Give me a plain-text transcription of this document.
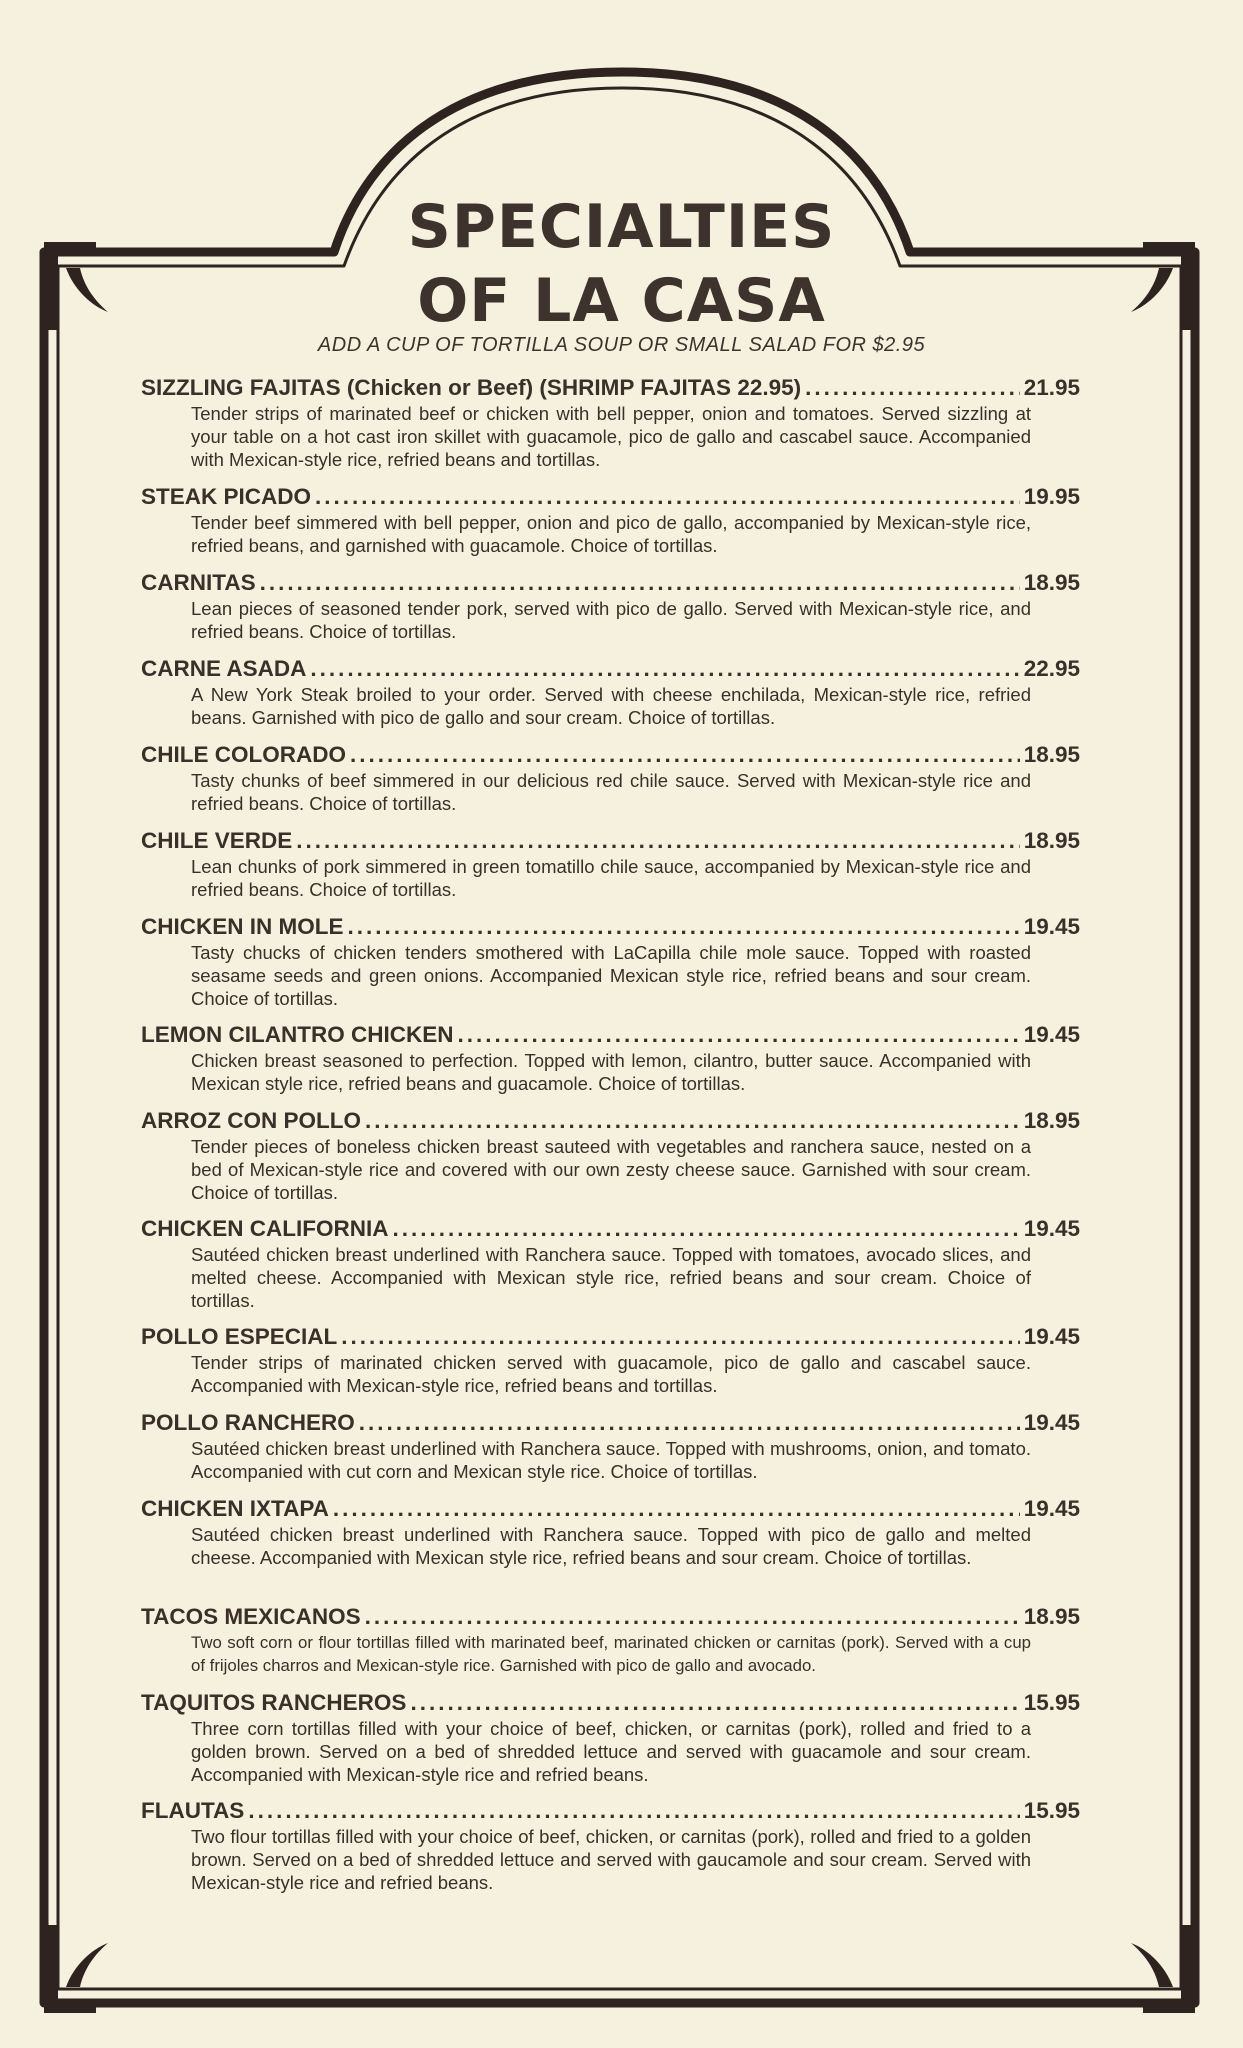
SPECIALTIES
OF LA CASA
ADD A CUP OF TORTILLA SOUP OR SMALL SALAD FOR $2.95
SIZZLING FAJITAS (Chicken or Beef) (SHRIMP FAJITAS 22.95) .....	21.95

Tender strips of marinated beef or chicken with bell pepper, onion and tomatoes. Served sizzling at your table on a hot cast iron skillet with guacamole, pico de gallo and cascabel sauce. Accompanied with Mexican-style rice, refried beans and tortillas.

STEAK PICADO .....	19.95

Tender beef simmered with bell pepper, onion and pico de gallo, accompanied by Mexican-style rice, refried beans, and garnished with guacamole. Choice of tortillas.

CARNITAS .....	18.95

Lean pieces of seasoned tender pork, served with pico de gallo. Served with Mexican-style rice, and refried beans. Choice of tortillas.

CARNE ASADA .....	22.95

A New York Steak broiled to your order. Served with cheese enchilada, Mexican-style rice, refried beans. Garnished with pico de gallo and sour cream. Choice of tortillas.

CHILE COLORADO .....	18.95

Tasty chunks of beef simmered in our delicious red chile sauce. Served with Mexican-style rice and refried beans. Choice of tortillas.

CHILE VERDE .....	18.95

Lean chunks of pork simmered in green tomatillo chile sauce, accompanied by Mexican-style rice and refried beans. Choice of tortillas.

CHICKEN IN MOLE .....	19.45

Tasty chucks of chicken tenders smothered with LaCapilla chile mole sauce. Topped with roasted seasame seeds and green onions. Accompanied Mexican style rice, refried beans and sour cream. Choice of tortillas.

LEMON CILANTRO CHICKEN .....	19.45

Chicken breast seasoned to perfection. Topped with lemon, cilantro, butter sauce. Accompanied with Mexican style rice, refried beans and guacamole. Choice of tortillas.

ARROZ CON POLLO .....	18.95

Tender pieces of boneless chicken breast sauteed with vegetables and ranchera sauce, nested on a bed of Mexican-style rice and covered with our own zesty cheese sauce. Garnished with sour cream. Choice of tortillas.

CHICKEN CALIFORNIA .....	19.45

Sautéed chicken breast underlined with Ranchera sauce. Topped with tomatoes, avocado slices, and melted cheese. Accompanied with Mexican style rice, refried beans and sour cream. Choice of tortillas.

POLLO ESPECIAL .....	19.45

Tender strips of marinated chicken served with guacamole, pico de gallo and cascabel sauce. Accompanied with Mexican-style rice, refried beans and tortillas.

POLLO RANCHERO .....	19.45

Sautéed chicken breast underlined with Ranchera sauce. Topped with mushrooms, onion, and tomato. Accompanied with cut corn and Mexican style rice. Choice of tortillas.

CHICKEN IXTAPA .....	19.45

Sautéed chicken breast underlined with Ranchera sauce. Topped with pico de gallo and melted cheese. Accompanied with Mexican style rice, refried beans and sour cream. Choice of tortillas.

TACOS MEXICANOS .....	18.95

Two soft corn or flour tortillas filled with marinated beef, marinated chicken or carnitas (pork). Served with a cup of frijoles charros and Mexican-style rice. Garnished with pico de gallo and avocado.

TAQUITOS RANCHEROS .....	15.95

Three corn tortillas filled with your choice of beef, chicken, or carnitas (pork), rolled and fried to a golden brown. Served on a bed of shredded lettuce and served with guacamole and sour cream. Accompanied with Mexican-style rice and refried beans.

FLAUTAS .....	15.95

Two flour tortillas filled with your choice of beef, chicken, or carnitas (pork), rolled and fried to a golden brown. Served on a bed of shredded lettuce and served with gaucamole and sour cream. Served with Mexican-style rice and refried beans.
